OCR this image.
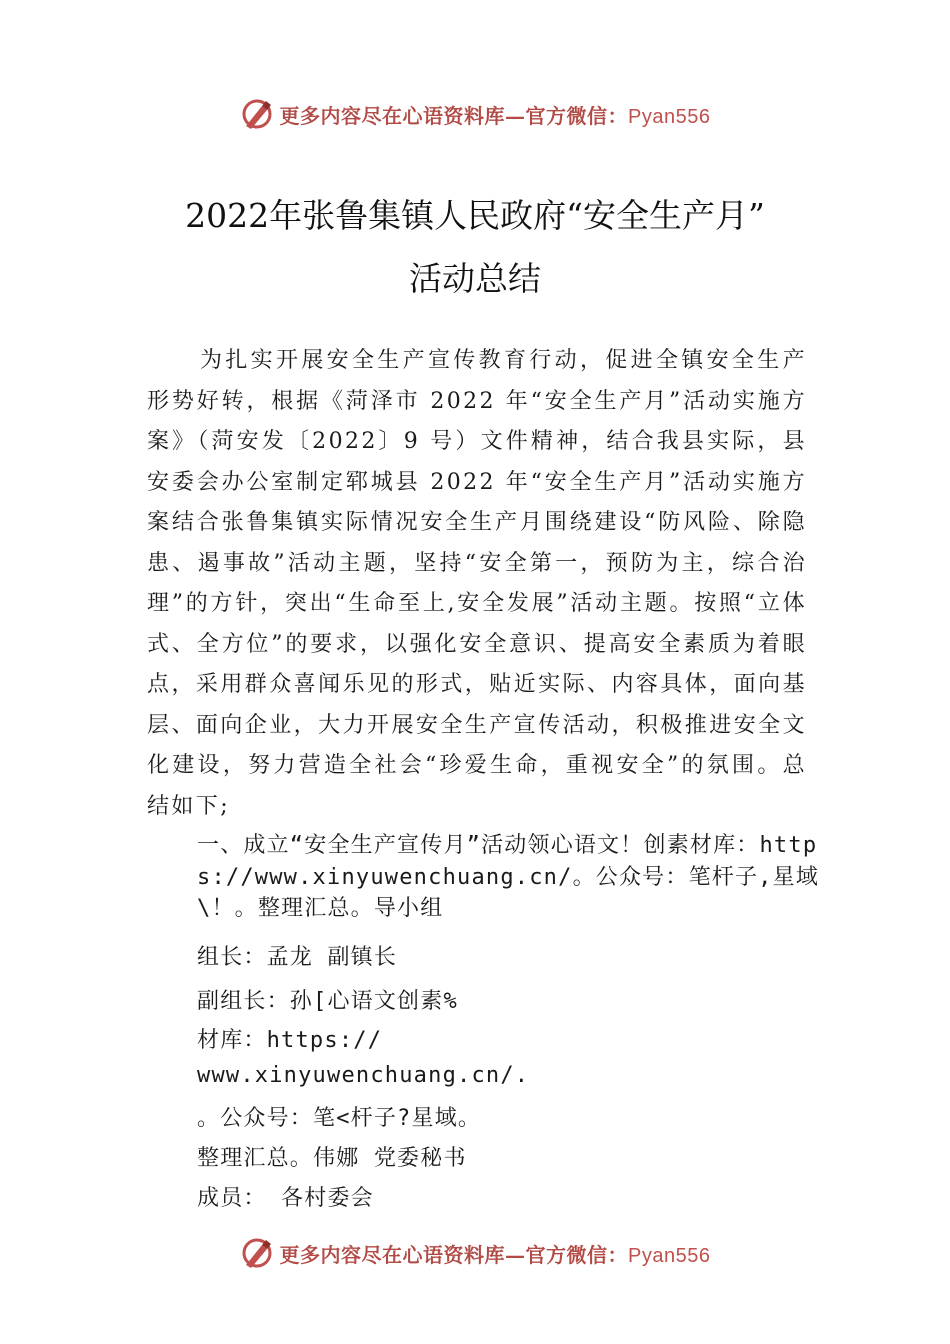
更多内容尽在心语资料库—官方微信：Pyan556
2022年张鲁集镇人民政府“安全生产月”
活动总结

为扎实开展安全生产宣传教育行动，促进全镇安全生产形势好转，根据《菏泽市 2022 年“安全生产月”活动实施方案》（菏安发〔2022〕9 号）文件精神，结合我县实际，县安委会办公室制定郓城县 2022 年“安全生产月”活动实施方案结合张鲁集镇实际情况安全生产月围绕建设“防风险、除隐患、遏事故”活动主题，坚持“安全第一，预防为主，综合治理”的方针，突出“生命至上,安全发展”活动主题。按照“立体式、全方位”的要求，以强化安全意识、提高安全素质为着眼点，采用群众喜闻乐见的形式，贴近实际、内容具体，面向基层、面向企业，大力开展安全生产宣传活动，积极推进安全文化建设，努力营造全社会“珍爱生命，重视安全”的氛围。总结如下;

一、成立“安全生产宣传月”活动领心语文！创素材库：https://www.xinyuwenchuang.cn/。公众号：笔杆子,星域\！。整理汇总。导小组
组长：孟龙 副镇长
副组长：孙[心语文创素%
材库：https://
www.xinyuwenchuang.cn/.
。公众号：笔<杆子?星域。
整理汇总。伟娜 党委秘书
成员： 各村委会
更多内容尽在心语资料库—官方微信：Pyan556
